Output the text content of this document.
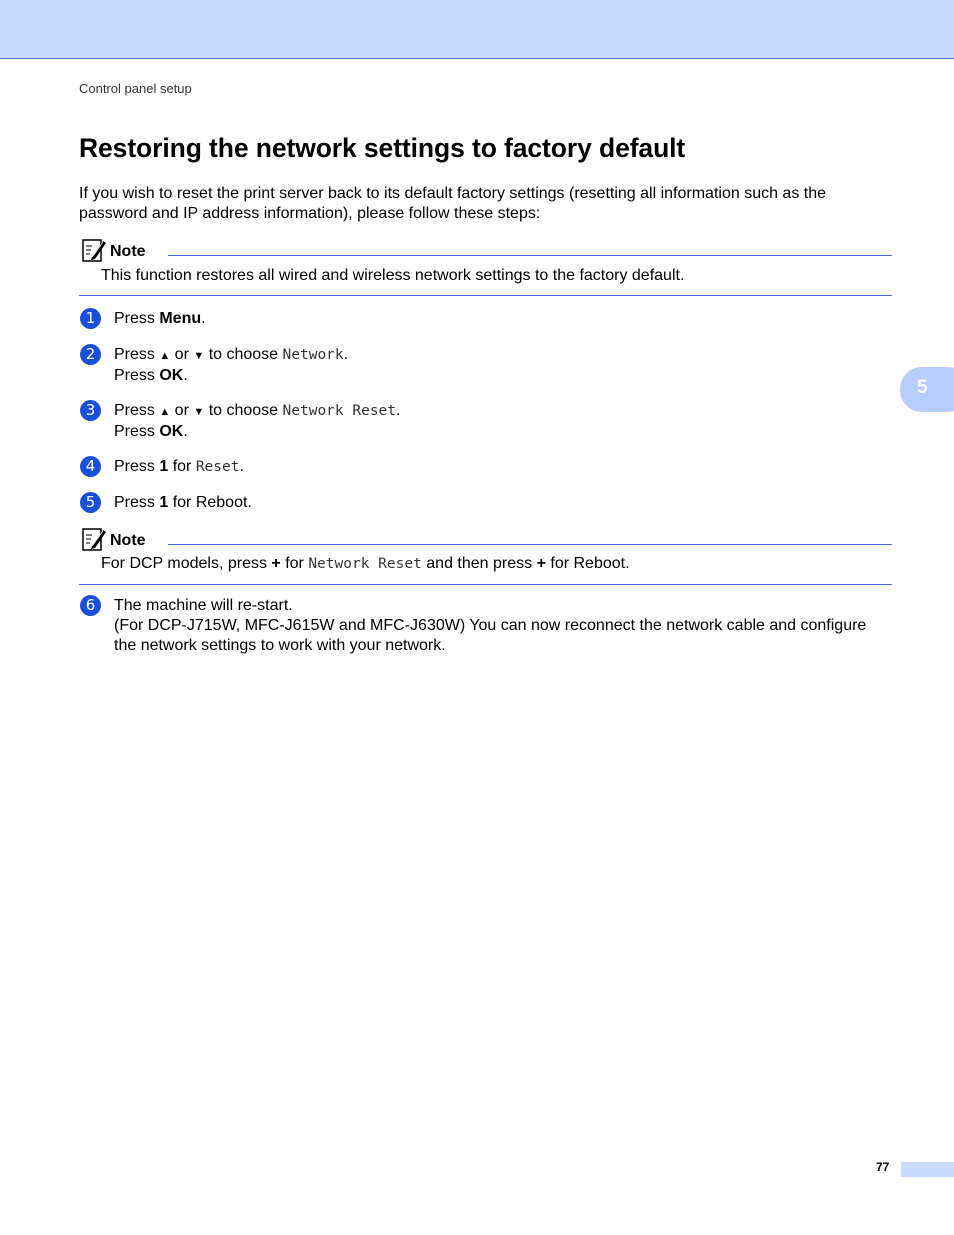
Control panel setup
Restoring the network settings to factory default

If you wish to reset the print server back to its default factory settings (resetting all information such as the password and IP address information), please follow these steps:

Note
This function restores all wired and wireless network settings to the factory default.
1	Press Menu.
2	Press ▲ or ▼ to choose Network.
Press OK.
3	Press ▲ or ▼ to choose Network Reset.
Press OK.
4	Press 1 for Reset.
5	Press 1 for Reboot.
Note
For DCP models, press + for Network Reset and then press + for Reboot.
6	The machine will re-start.
(For DCP-J715W, MFC-J615W and MFC-J630W) You can now reconnect the network cable and configure the network settings to work with your network.
5
77
